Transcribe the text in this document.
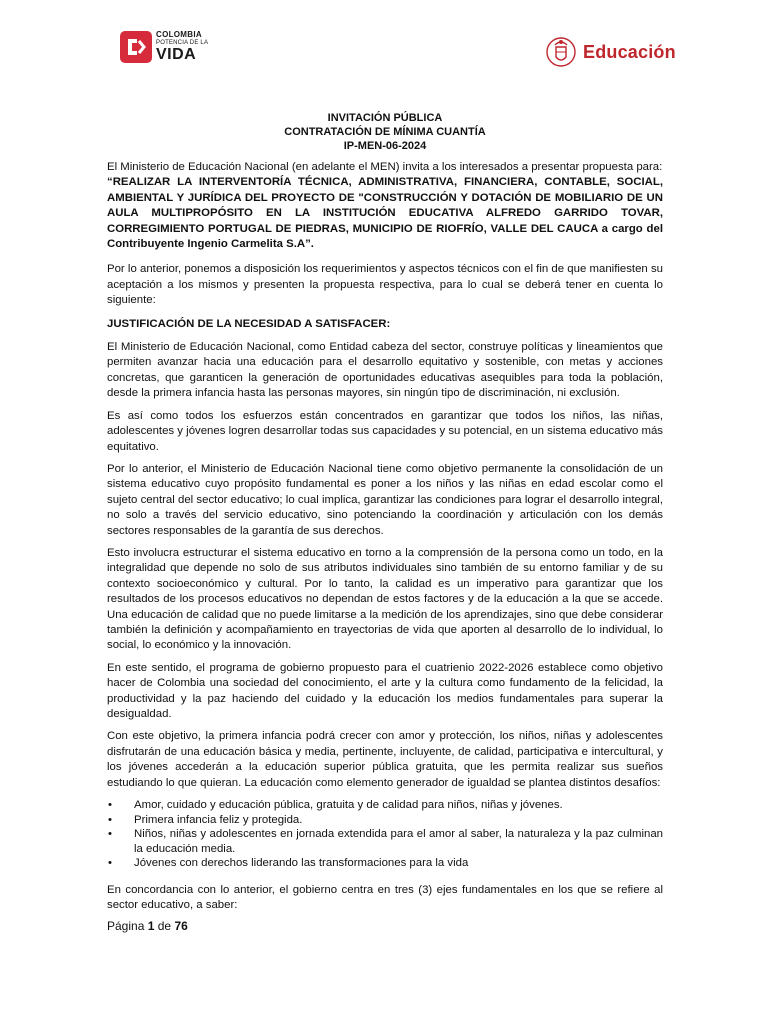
COLOMBIA
POTENCIA DE LA
VIDA	Educación
INVITACIÓN PÚBLICA
CONTRATACIÓN DE MÍNIMA CUANTÍA
IP-MEN-06-2024

El Ministerio de Educación Nacional (en adelante el MEN) invita a los interesados a presentar propuesta para:

“REALIZAR LA INTERVENTORÍA TÉCNICA, ADMINISTRATIVA, FINANCIERA, CONTABLE, SOCIAL, AMBIENTAL Y JURÍDICA DEL PROYECTO DE "CONSTRUCCIÓN Y DOTACIÓN DE MOBILIARIO DE UN AULA MULTIPROPÓSITO EN LA INSTITUCIÓN EDUCATIVA ALFREDO GARRIDO TOVAR, CORREGIMIENTO PORTUGAL DE PIEDRAS, MUNICIPIO DE RIOFRÍO, VALLE DEL CAUCA a cargo del Contribuyente Ingenio Carmelita S.A”.

Por lo anterior, ponemos a disposición los requerimientos y aspectos técnicos con el fin de que manifiesten su aceptación a los mismos y presenten la propuesta respectiva, para lo cual se deberá tener en cuenta lo siguiente:

JUSTIFICACIÓN DE LA NECESIDAD A SATISFACER:

El Ministerio de Educación Nacional, como Entidad cabeza del sector, construye políticas y lineamientos que permiten avanzar hacia una educación para el desarrollo equitativo y sostenible, con metas y acciones concretas, que garanticen la generación de oportunidades educativas asequibles para toda la población, desde la primera infancia hasta las personas mayores, sin ningún tipo de discriminación, ni exclusión.

Es así como todos los esfuerzos están concentrados en garantizar que todos los niños, las niñas, adolescentes y jóvenes logren desarrollar todas sus capacidades y su potencial, en un sistema educativo más equitativo.

Por lo anterior, el Ministerio de Educación Nacional tiene como objetivo permanente la consolidación de un sistema educativo cuyo propósito fundamental es poner a los niños y las niñas en edad escolar como el sujeto central del sector educativo; lo cual implica, garantizar las condiciones para lograr el desarrollo integral, no solo a través del servicio educativo, sino potenciando la coordinación y articulación con los demás sectores responsables de la garantía de sus derechos.

Esto involucra estructurar el sistema educativo en torno a la comprensión de la persona como un todo, en la integralidad que depende no solo de sus atributos individuales sino también de su entorno familiar y de su contexto socioeconómico y cultural. Por lo tanto, la calidad es un imperativo para garantizar que los resultados de los procesos educativos no dependan de estos factores y de la educación a la que se accede. Una educación de calidad que no puede limitarse a la medición de los aprendizajes, sino que debe considerar también la definición y acompañamiento en trayectorias de vida que aporten al desarrollo de lo individual, lo social, lo económico y la innovación.

En este sentido, el programa de gobierno propuesto para el cuatrienio 2022-2026 establece como objetivo hacer de Colombia una sociedad del conocimiento, el arte y la cultura como fundamento de la felicidad, la productividad y la paz haciendo del cuidado y la educación los medios fundamentales para superar la desigualdad.

Con este objetivo, la primera infancia podrá crecer con amor y protección, los niños, niñas y adolescentes disfrutarán de una educación básica y media, pertinente, incluyente, de calidad, participativa e intercultural, y los jóvenes accederán a la educación superior pública gratuita, que les permita realizar sus sueños estudiando lo que quieran. La educación como elemento generador de igualdad se plantea distintos desafíos:

• Amor, cuidado y educación pública, gratuita y de calidad para niños, niñas y jóvenes.
• Primera infancia feliz y protegida.
• Niños, niñas y adolescentes en jornada extendida para el amor al saber, la naturaleza y la paz culminan la educación media.
• Jóvenes con derechos liderando las transformaciones para la vida

En concordancia con lo anterior, el gobierno centra en tres (3) ejes fundamentales en los que se refiere al sector educativo, a saber:

Página 1 de 76
